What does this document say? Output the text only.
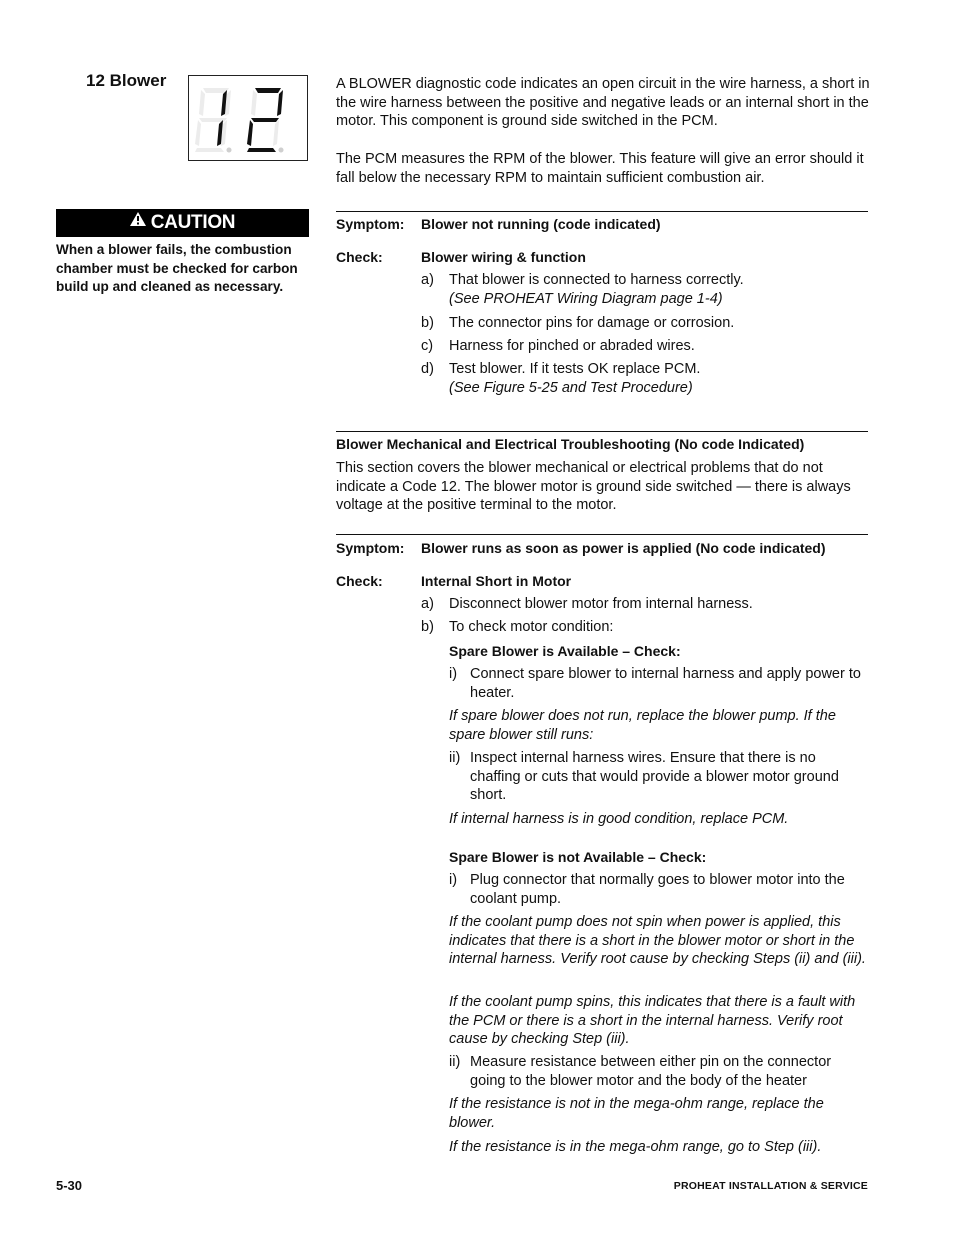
12 Blower	A BLOWER diagnostic code indicates an open circuit in the wire harness, a short in the wire harness between the positive and negative leads or an internal short in the motor. This component is ground side switched in the PCM.
The PCM measures the RPM of the blower. This feature will give an error should it fall below the necessary RPM to maintain sufficient combustion air.
CAUTION
When a blower fails, the combustion chamber must be checked for carbon build up and cleaned as necessary.
Symptom: Blower not running (code indicated)
Check:	Blower wiring & function
a) That blower is connected to harness correctly.
(See PROHEAT Wiring Diagram page 1-4)
b) The connector pins for damage or corrosion.
c) Harness for pinched or abraded wires.
d) Test blower. If it tests OK replace PCM.
(See Figure 5-25 and Test Procedure)
Blower Mechanical and Electrical Troubleshooting (No code Indicated)
This section covers the blower mechanical or electrical problems that do not indicate a Code 12. The blower motor is ground side switched — there is always voltage at the positive terminal to the motor.
Symptom: Blower runs as soon as power is applied (No code indicated)
Check:	Internal Short in Motor
a) Disconnect blower motor from internal harness.
b) To check motor condition:
Spare Blower is Available – Check:
i) Connect spare blower to internal harness and apply power to heater.
If spare blower does not run, replace the blower pump. If the spare blower still runs:
ii) Inspect internal harness wires. Ensure that there is no chaffing or cuts that would provide a blower motor ground short.
If internal harness is in good condition, replace PCM.
Spare Blower is not Available – Check:
i) Plug connector that normally goes to blower motor into the coolant pump.
If the coolant pump does not spin when power is applied, this indicates that there is a short in the blower motor or short in the internal harness. Verify root cause by checking Steps (ii) and (iii).
If the coolant pump spins, this indicates that there is a fault with the PCM or there is a short in the internal harness. Verify root cause by checking Step (iii).
ii) Measure resistance between either pin on the connector going to the blower motor and the body of the heater
If the resistance is not in the mega-ohm range, replace the blower.
If the resistance is in the mega-ohm range, go to Step (iii).
5-30	PROHEAT INSTALLATION & SERVICE
